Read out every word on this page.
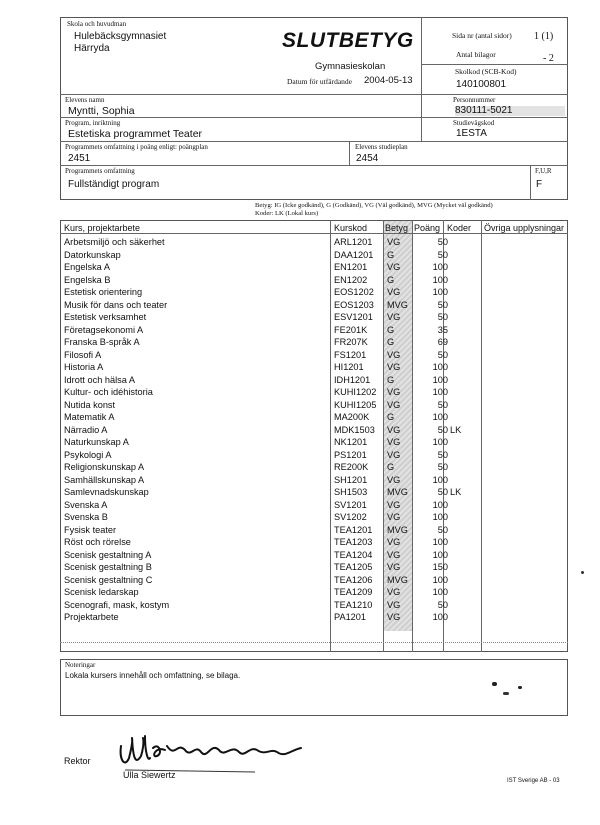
Skola och huvudman
Hulebäcksgymnasiet
Härryda	SLUTBETYG
Gymnasieskolan
Datum för utfärdande 2004-05-13
Sida nr (antal sidor) 1 (1)
Antal bilagor	- 2
Skolkod (SCB-Kod)
140100801
Elevens namn
Myntti, Sophia
Personnummer
830111-5021
Program, inriktning
Estetiska programmet Teater
Studievägskod
1ESTA
Programmets omfattning i poäng enligt: poängplan
2451
Elevens studieplan
2454
Programmets omfattning
Fullständigt program
F,U,R
F
Betyg: IG (Icke godkänd), G (Godkänd), VG (Väl godkänd), MVG (Mycket väl godkänd)
Koder: LK (Lokal kurs)
Kurs, projektarbete	Kurskod Betyg Poäng Koder Övriga upplysningar
Arbetsmiljö och säkerhet	ARL1201 VG	50
Datorkunskap	DAA1201 G	50
Engelska A	EN1201 VG	100
Engelska B	EN1202 G	100
Estetisk orientering	EOS1202 VG	100
Musik för dans och teater	EOS1203 MVG	50
Estetisk verksamhet	ESV1201 VG	50
Företagsekonomi A	FE201K G	35
Franska B-språk A	FR207K G	69
Filosofi A	FS1201 VG	50
Historia A	HI1201	VG	100
Idrott och hälsa A	IDH1201 G	100
Kultur- och idéhistoria	KUHI1202 VG	100
Nutida konst	KUHI1205 VG	50
Matematik A	MA200K G	100
Närradio A	MDK1503 VG	50 LK
Naturkunskap A	NK1201 VG	100
Psykologi A	PS1201 VG	50
Religionskunskap A	RE200K G	50
Samhällskunskap A	SH1201 VG	100
Samlevnadskunskap	SH1503 MVG	50 LK
Svenska A	SV1201 VG	100
Svenska B	SV1202 VG	100
Fysisk teater	TEA1201 MVG	50
Röst och rörelse	TEA1203 VG	100
Scenisk gestaltning A	TEA1204 VG	100
Scenisk gestaltning B	TEA1205 VG	150
Scenisk gestaltning C	TEA1206 MVG	100
Scenisk ledarskap	TEA1209 VG	100
Scenografi, mask, kostym	TEA1210 VG	50
Projektarbete	PA1201 VG	100
Noteringar
Lokala kursers innehåll och omfattning, se bilaga.
Rektor
Ulla Siewertz
IST Sverige AB - 03
